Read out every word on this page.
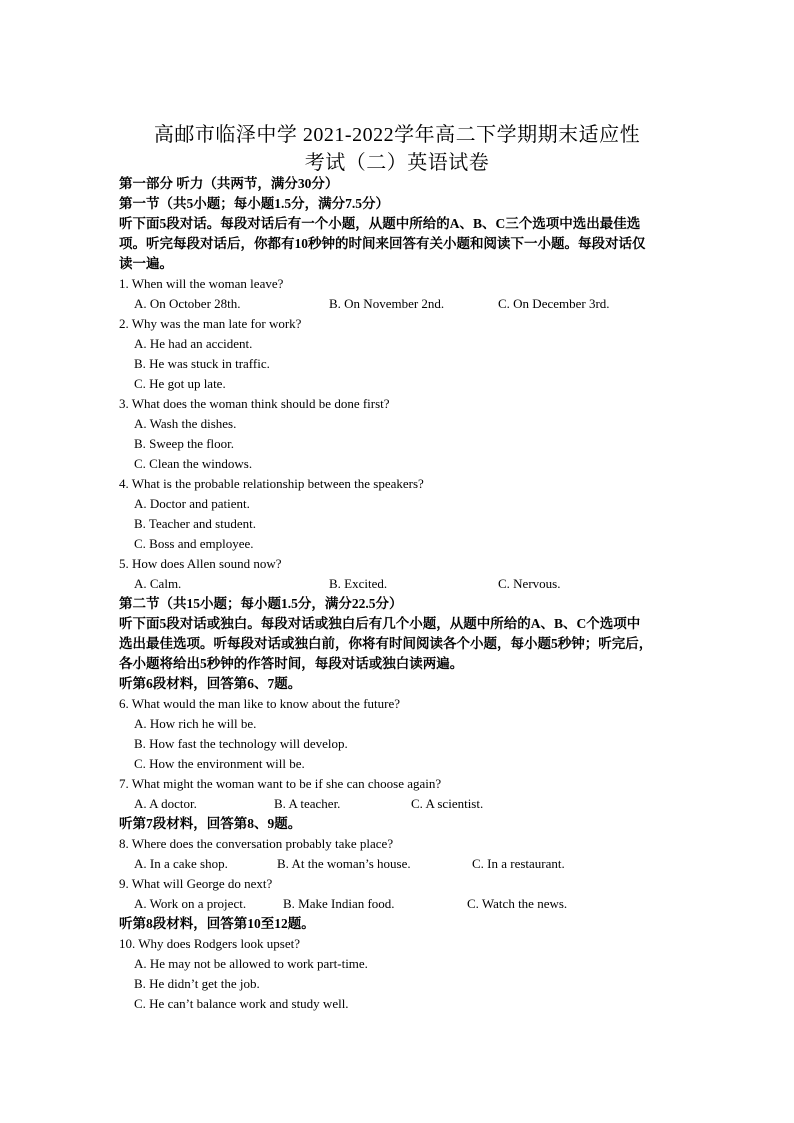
高邮市临泽中学 2021-2022学年高二下学期期末适应性
考试（二）英语试卷
第一部分 听力（共两节，满分30分）
第一节（共5小题；每小题1.5分，满分7.5分）
听下面5段对话。每段对话后有一个小题，从题中所给的A、B、C三个选项中选出最佳选
项。听完每段对话后，你都有10秒钟的时间来回答有关小题和阅读下一小题。每段对话仅
读一遍。
1. When will the woman leave?
A. On October 28th.	B. On November 2nd.	C. On December 3rd.
2. Why was the man late for work?
A. He had an accident.
B. He was stuck in traffic.
C. He got up late.
3. What does the woman think should be done first?
A. Wash the dishes.
B. Sweep the floor.
C. Clean the windows.
4. What is the probable relationship between the speakers?
A. Doctor and patient.
B. Teacher and student.
C. Boss and employee.
5. How does Allen sound now?
A. Calm.	B. Excited.	C. Nervous.
第二节（共15小题；每小题1.5分，满分22.5分）
听下面5段对话或独白。每段对话或独白后有几个小题，从题中所给的A、B、C个选项中
选出最佳选项。听每段对话或独白前，你将有时间阅读各个小题，每小题5秒钟；听完后，
各小题将给出5秒钟的作答时间，每段对话或独白读两遍。
听第6段材料，回答第6、7题。
6. What would the man like to know about the future?
A. How rich he will be.
B. How fast the technology will develop.
C. How the environment will be.
7. What might the woman want to be if she can choose again?
A. A doctor.	B. A teacher.	C. A scientist.
听第7段材料，回答第8、9题。
8. Where does the conversation probably take place?
A. In a cake shop.	B. At the woman’s house.	C. In a restaurant.
9. What will George do next?
A. Work on a project.	B. Make Indian food.	C. Watch the news.
听第8段材料，回答第10至12题。
10. Why does Rodgers look upset?
A. He may not be allowed to work part-time.
B. He didn’t get the job.
C. He can’t balance work and study well.
